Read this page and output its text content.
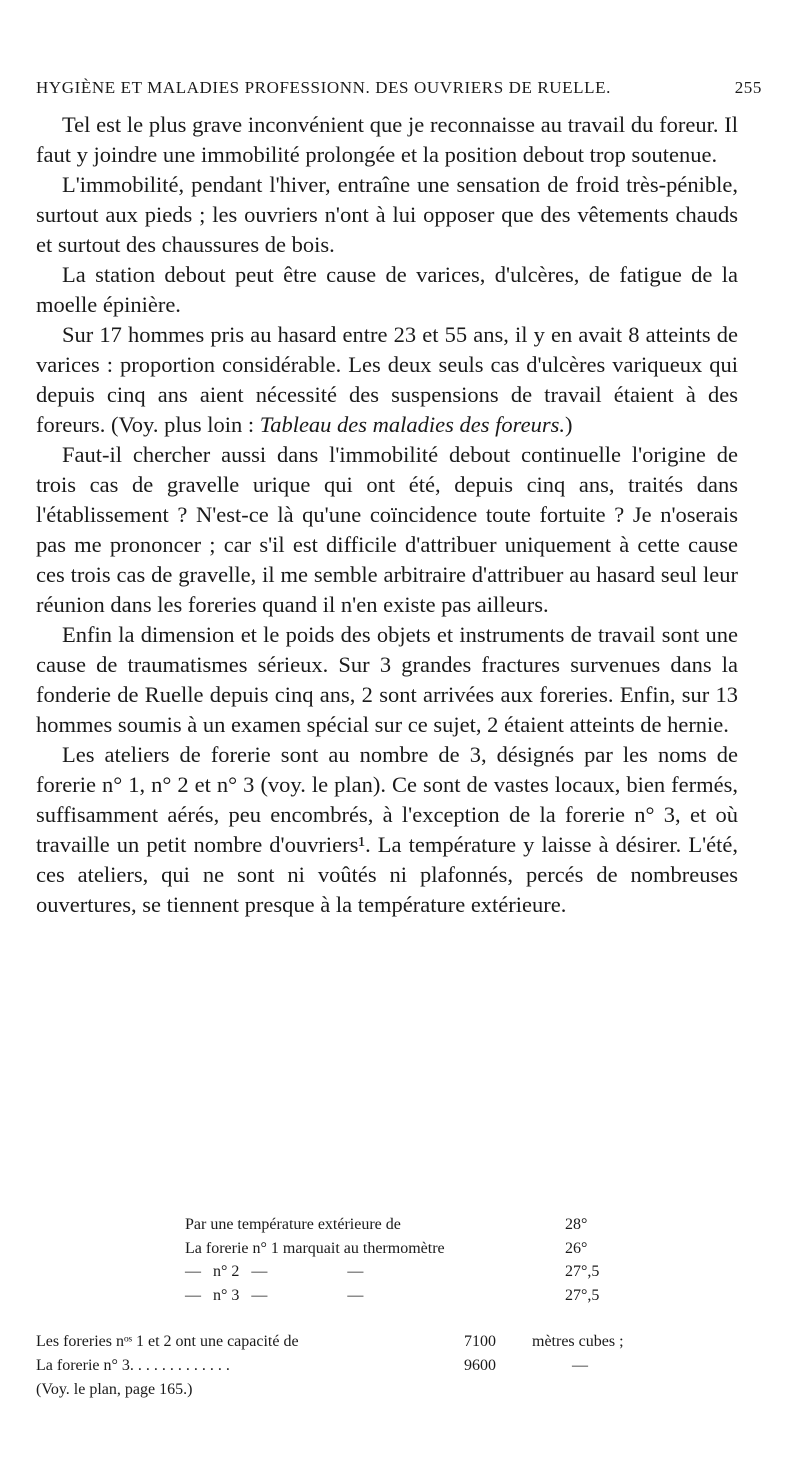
HYGIÈNE ET MALADIES PROFESSIONN. DES OUVRIERS DE RUELLE.	255

Tel est le plus grave inconvénient que je reconnaisse au travail du foreur. Il faut y joindre une immobilité prolongée et la position debout trop soutenue.

L'immobilité, pendant l'hiver, entraîne une sensation de froid très-pénible, surtout aux pieds ; les ouvriers n'ont à lui opposer que des vêtements chauds et surtout des chaussures de bois.

La station debout peut être cause de varices, d'ulcères, de fatigue de la moelle épinière.

Sur 17 hommes pris au hasard entre 23 et 55 ans, il y en avait 8 atteints de varices : proportion considérable. Les deux seuls cas d'ulcères variqueux qui depuis cinq ans aient nécessité des suspensions de travail étaient à des foreurs. (Voy. plus loin : Tableau des maladies des foreurs.)

Faut-il chercher aussi dans l'immobilité debout continuelle l'origine de trois cas de gravelle urique qui ont été, depuis cinq ans, traités dans l'établissement ? N'est-ce là qu'une coïncidence toute fortuite ? Je n'oserais pas me prononcer ; car s'il est difficile d'attribuer uniquement à cette cause ces trois cas de gravelle, il me semble arbitraire d'attribuer au hasard seul leur réunion dans les foreries quand il n'en existe pas ailleurs.

Enfin la dimension et le poids des objets et instruments de travail sont une cause de traumatismes sérieux. Sur 3 grandes fractures survenues dans la fonderie de Ruelle depuis cinq ans, 2 sont arrivées aux foreries. Enfin, sur 13 hommes soumis à un examen spécial sur ce sujet, 2 étaient atteints de hernie.

Les ateliers de forerie sont au nombre de 3, désignés par les noms de forerie n° 1, n° 2 et n° 3 (voy. le plan). Ce sont de vastes locaux, bien fermés, suffisamment aérés, peu encombrés, à l'exception de la forerie n° 3, et où travaille un petit nombre d'ouvriers¹. La température y laisse à désirer. L'été, ces ateliers, qui ne sont ni voûtés ni plafonnés, percés de nombreuses ouvertures, se tiennent presque à la température extérieure.

Par une température extérieure de	28°
La forerie n° 1 marquait au thermomètre	26°
—   n° 2   —                    —	27°,5
—   n° 3   —                    —	27°,5
Les foreries nᵒˢ 1 et 2 ont une capacité de	7100	mètres cubes ;
La forerie n° 3. . . . . . . . . . . . .	9600	—
(Voy. le plan, page 165.)
